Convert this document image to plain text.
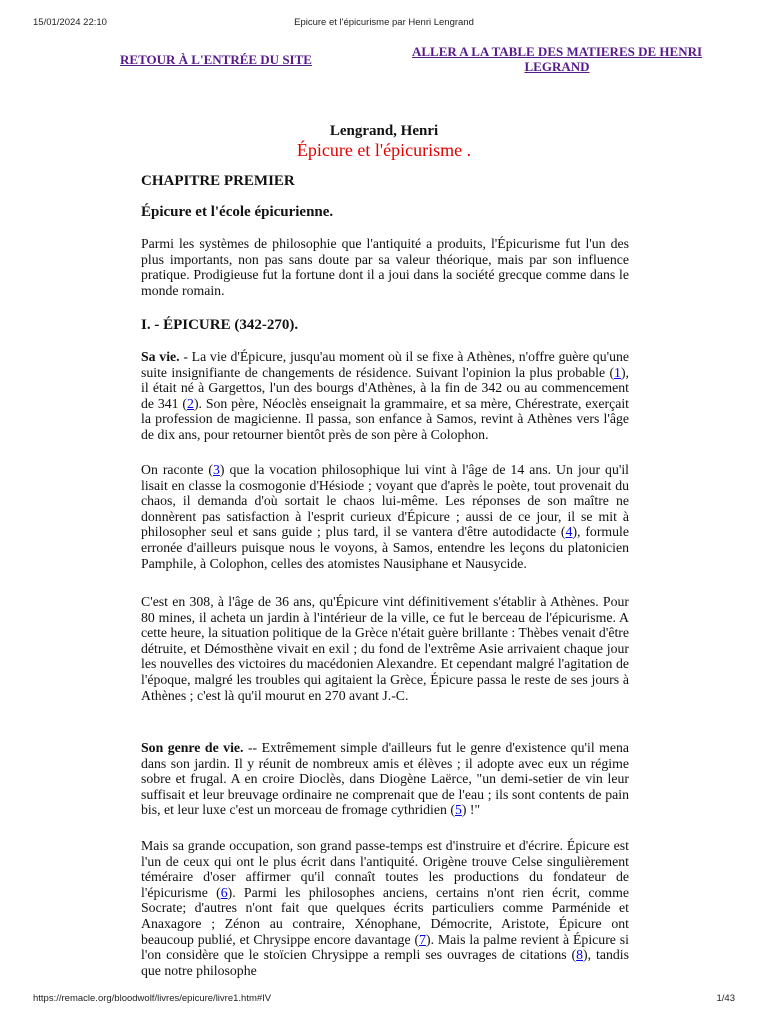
15/01/2024 22:10	Epicure et l'épicurisme par Henri Lengrand
RETOUR À L'ENTRÉE DU SITE
ALLER A LA TABLE DES MATIERES DE HENRI LEGRAND
Lengrand, Henri
Épicure et l'épicurisme .
CHAPITRE PREMIER
Épicure et l'école épicurienne.

Parmi les systèmes de philosophie que l'antiquité a produits, l'Épicurisme fut l'un des plus importants, non pas sans doute par sa valeur théorique, mais par son influence pratique. Prodigieuse fut la fortune dont il a joui dans la société grecque comme dans le monde romain.

I. - ÉPICURE (342-270).

Sa vie. - La vie d'Épicure, jusqu'au moment où il se fixe à Athènes, n'offre guère qu'une suite insignifiante de changements de résidence. Suivant l'opinion la plus probable (1), il était né à Gargettos, l'un des bourgs d'Athènes, à la fin de 342 ou au commencement de 341 (2). Son père, Néoclès enseignait la grammaire, et sa mère, Chérestrate, exerçait la profession de magicienne. Il passa, son enfance à Samos, revint à Athènes vers l'âge de dix ans, pour retourner bientôt près de son père à Colophon.

On raconte (3) que la vocation philosophique lui vint à l'âge de 14 ans. Un jour qu'il lisait en classe la cosmogonie d'Hésiode ; voyant que d'après le poète, tout provenait du chaos, il demanda d'où sortait le chaos lui-même. Les réponses de son maître ne donnèrent pas satisfaction à l'esprit curieux d'Épicure ; aussi de ce jour, il se mit à philosopher seul et sans guide ; plus tard, il se vantera d'être autodidacte (4), formule erronée d'ailleurs puisque nous le voyons, à Samos, entendre les leçons du platonicien Pamphile, à Colophon, celles des atomistes Nausiphane et Nausycide.

C'est en 308, à l'âge de 36 ans, qu'Épicure vint définitivement s'établir à Athènes. Pour 80 mines, il acheta un jardin à l'intérieur de la ville, ce fut le berceau de l'épicurisme. A cette heure, la situation politique de la Grèce n'était guère brillante : Thèbes venait d'être détruite, et Démosthène vivait en exil ; du fond de l'extrême Asie arrivaient chaque jour les nouvelles des victoires du macédonien Alexandre. Et cependant malgré l'agitation de l'époque, malgré les troubles qui agitaient la Grèce, Épicure passa le reste de ses jours à Athènes ; c'est là qu'il mourut en 270 avant J.-C.

Son genre de vie. -- Extrêmement simple d'ailleurs fut le genre d'existence qu'il mena dans son jardin. Il y réunit de nombreux amis et élèves ; il adopte avec eux un régime sobre et frugal. A en croire Dioclès, dans Diogène Laërce, "un demi-setier de vin leur suffisait et leur breuvage ordinaire ne comprenait que de l'eau ; ils sont contents de pain bis, et leur luxe c'est un morceau de fromage cythridien (5) !"

Mais sa grande occupation, son grand passe-temps est d'instruire et d'écrire. Épicure est l'un de ceux qui ont le plus écrit dans l'antiquité. Origène trouve Celse singulièrement téméraire d'oser affirmer qu'il connaît toutes les productions du fondateur de l'épicurisme (6). Parmi les philosophes anciens, certains n'ont rien écrit, comme Socrate; d'autres n'ont fait que quelques écrits particuliers comme Parménide et Anaxagore ; Zénon au contraire, Xénophane, Démocrite, Aristote, Épicure ont beaucoup publié, et Chrysippe encore davantage (7). Mais la palme revient à Épicure si l'on considère que le stoïcien Chrysippe a rempli ses ouvrages de citations (8), tandis que notre philosophe

https://remacle.org/bloodwolf/livres/epicure/livre1.htm#IV	1/43
